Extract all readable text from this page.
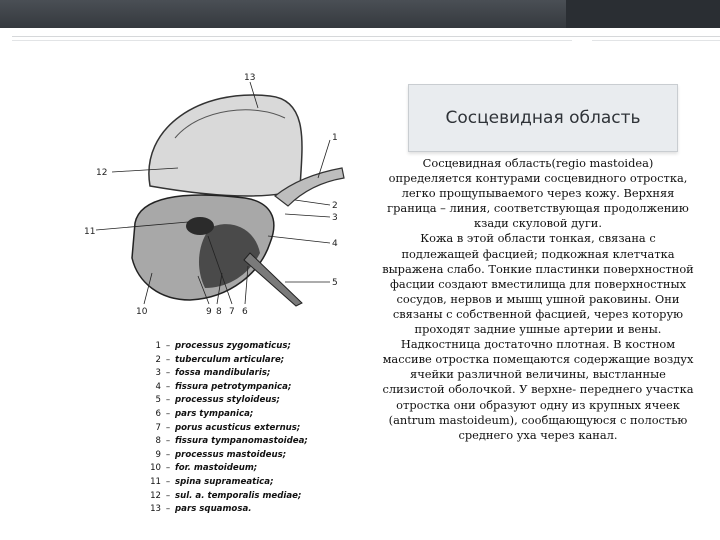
13
12
1
2
3
4
5
6
7
8
9
10
11
1 – processus zygomaticus;
2 – tuberculum articulare;
3 – fossa mandibularis;
4 – fissura petrotympanica;
5 – processus styloideus;
6 – pars tympanica;
7 – porus acusticus externus;
8 – fissura tympanomastoidea;
9 – processus mastoideus;
10 – for. mastoideum;
11 – spina suprameatica;
12 – sul. a. temporalis mediae;
13 – pars squamosa.
Сосцевидная область

Сосцевидная область(regio mastoidea) определяется контурами сосцевидного отростка, легко прощупываемого через кожу. Верхняя граница – линия, соответствующая продолжению кзади скуловой дуги.

Кожа в этой области тонкая, связана с подлежащей фасцией; подкожная клетчатка выражена слабо. Тонкие пластинки поверхностной фасции создают вместилища для поверхностных сосудов, нервов и мышц ушной раковины. Они связаны с собственной фасцией, через которую проходят задние ушные артерии и вены. Надкостница достаточно плотная. В костном массиве отростка помещаются содержащие воздух ячейки различной величины, выстланные слизистой оболочкой. У верхне- переднего участка отростка они образуют одну из крупных ячеек (antrum mastoideum), сообщающуюся с полостью среднего уха через канал.
